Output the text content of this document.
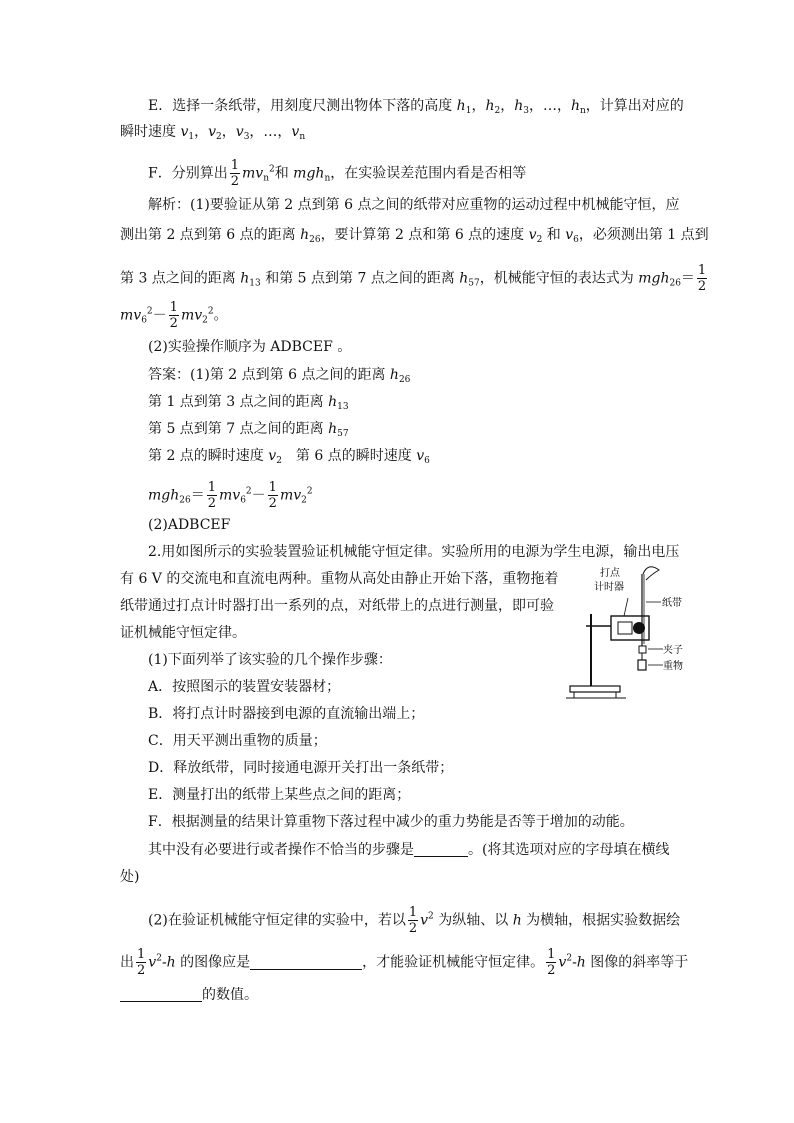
E．选择一条纸带，用刻度尺测出物体下落的高度 $h_1$，$h_2$，$h_3$，…，$h_n$，计算出对应的
瞬时速度 $v_1$，$v_2$，$v_3$，…，$v_n$
F．分别算出 $\frac{1}{2} mv_n^2$和 mgh$_n$，在实验误差范围内看是否相等
解析：(1)要验证从第 2 点到第 6 点之间的纸带对应重物的运动过程中机械能守恒，应
测出第 2 点到第 6 点的距离 $h_{26}$，要计算第 2 点和第 6 点的速度 $v_2$ 和 $v_6$，必须测出第 1 点到
第 3 点之间的距离 $h_{13}$ 和第 5 点到第 7 点之间的距离 $h_{57}$，机械能守恒的表达式为 $mgh_{26}= \frac{1}{2}$
$mv_6^2- \frac{1}{2} mv_2^2$。
(2)实验操作顺序为 ADBCEF 。
答案：(1)第 2 点到第 6 点之间的距离 $h_{26}$
第 1 点到第 3 点之间的距离 $h_{13}$
第 5 点到第 7 点之间的距离 $h_{57}$
第 2 点的瞬时速度 $v_2$　第 6 点的瞬时速度 $v_6$
$mgh_{26}= \frac{1}{2} mv_6^2- \frac{1}{2} mv_2^2$
(2)ADBCEF
2.用如图所示的实验装置验证机械能守恒定律。实验所用的电源为学生电源，输出电压
有 6 V 的交流电和直流电两种。重物从高处由静止开始下落，重物拖着
纸带通过打点计时器打出一系列的点，对纸带上的点进行测量，即可验
证机械能守恒定律。
(1)下面列举了该实验的几个操作步骤：
A．按照图示的装置安装器材；
B．将打点计时器接到电源的直流输出端上；
C．用天平测出重物的质量；
D．释放纸带，同时接通电源开关打出一条纸带；
E．测量打出的纸带上某些点之间的距离；
F．根据测量的结果计算重物下落过程中减少的重力势能是否等于增加的动能。
其中没有必要进行或者操作不恰当的步骤是	。(将其选项对应的字母填在横线
处)
(2)在验证机械能守恒定律的实验中，若以 $\frac{1}{2} v^2$ 为纵轴、以 h 为横轴，根据实验数据绘
出 $\frac{1}{2} v^2-h$ 的图像应是	，才能验证机械能守恒定律。 $\frac{1}{2} v^2-h$ 图像的斜率等于
的数值。
打点
计时器
纸带
夹子
重物
